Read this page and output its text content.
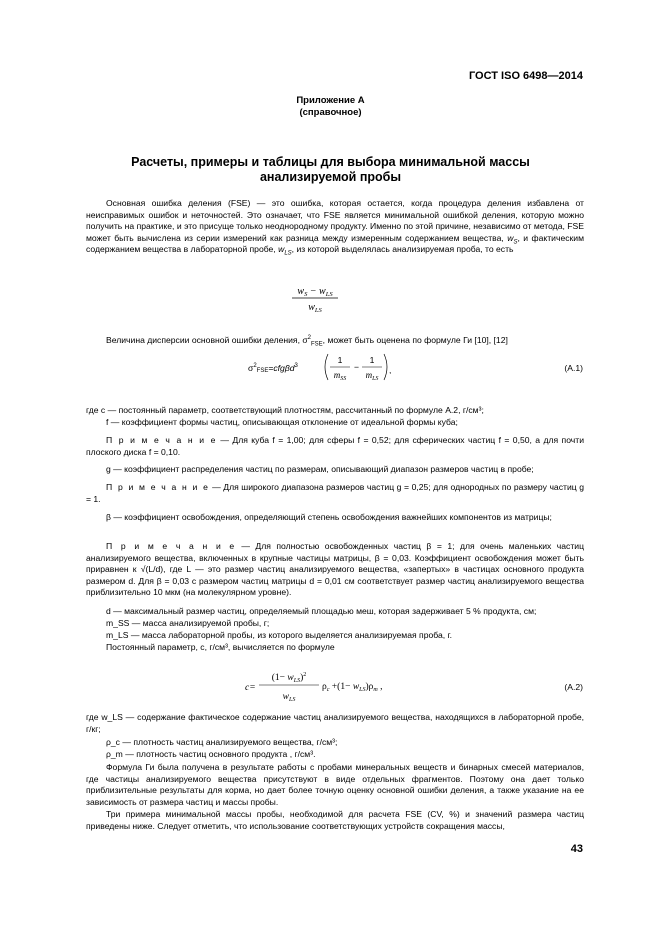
ГОСТ ISO 6498—2014
Приложение А
(справочное)
Расчеты, примеры и таблицы для выбора минимальной массы
анализируемой пробы
Основная ошибка деления (FSE) — это ошибка, которая остается, когда процедура деления избавлена от неисправимых ошибок и неточностей. Это означает, что FSE является минимальной ошибкой деления, которую можно получить на практике, и это присуще только неоднородному продукту. Именно по этой причине, независимо от метода, FSE может быть вычислена из серии измерений как разница между измеренным содержанием вещества, $w_S$, и фактическим содержанием вещества в лабораторной пробе, $w_{LS}$, из которой выделялась анализируемая проба, то есть
$w_S - w_{LS}$
$w_{LS}$
Величина дисперсии основной ошибки деления, $\sigma^2_{FSE}$, может быть оценена по формуле Ги [10], [12]
$\sigma^2_{FSE}=cfg\beta d^3$
1
$m_{SS}$
−
1
$m_{LS}$
,	(А.1)
где c — постоянный параметр, соответствующий плотностям, рассчитанный по формуле А.2, г/см³;
f — коэффициент формы частиц, описывающая отклонение от идеальной формы куба;
П р и м е ч а н и е — Для куба f = 1,00; для сферы f = 0,52; для сферических частиц f = 0,50, а для почти плоского диска f = 0,10.
g — коэффициент распределения частиц по размерам, описывающий диапазон размеров частиц в пробе;
П р и м е ч а н и е — Для широкого диапазона размеров частиц g = 0,25; для однородных по размеру частиц g = 1.
β — коэффициент освобождения, определяющий степень освобождения важнейших компонентов из матрицы;
П р и м е ч а н и е — Для полностью освобожденных частиц β = 1; для очень маленьких частиц анализируемого вещества, включенных в крупные частицы матрицы, β = 0,03. Коэффициент освобождения может быть приравнен к √(L/d), где L — это размер частиц анализируемого вещества, «запертых» в частицах основного продукта размером d. Для β = 0,03 с размером частиц матрицы d = 0,01 см соответствует размер частиц анализируемого вещества приблизительно 10 мкм (на молекулярном уровне).
d — максимальный размер частиц, определяемый площадью меш, которая задерживает 5 % продукта, см;
m_SS — масса анализируемой пробы, г;
m_LS — масса лабораторной пробы, из которого выделяется анализируемая проба, г.
Постоянный параметр, c, г/см³, вычисляется по формуле
c=
$(1- w_{LS})^2$
$w_{LS}$
$\rho_c +(1- w_{LS})\rho_m$ ,	(А.2)
где w_LS — содержание фактическое содержание частиц анализируемого вещества, находящихся в лабораторной пробе, г/кг;
ρ_c — плотность частиц анализируемого вещества, г/см³;
ρ_m — плотность частиц основного продукта , г/см³.
Формула Ги была получена в результате работы с пробами минеральных веществ и бинарных смесей материалов, где частицы анализируемого вещества присутствуют в виде отдельных фрагментов. Поэтому она дает только приблизительные результаты для корма, но дает более точную оценку основной ошибки деления, а также указание на ее зависимость от размера частиц и массы пробы.
Три примера минимальной массы пробы, необходимой для расчета FSE (CV, %) и значений размера частиц приведены ниже. Следует отметить, что использование соответствующих устройств сокращения массы,
43
